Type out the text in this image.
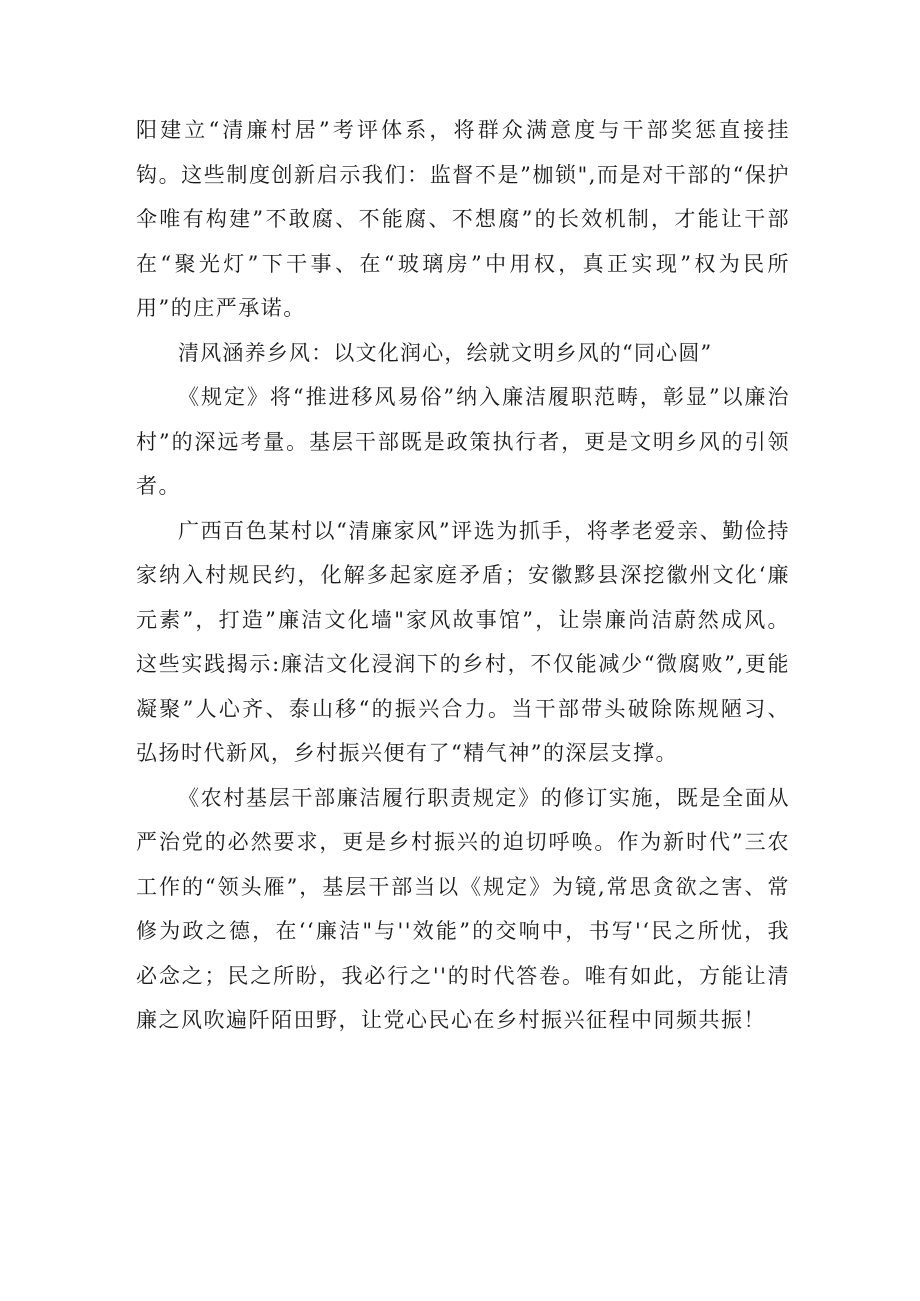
阳建立“清廉村居”考评体系，将群众满意度与干部奖惩直接挂钩。这些制度创新启示我们：监督不是”枷锁",而是对干部的“保护伞唯有构建”不敢腐、不能腐、不想腐”的长效机制，才能让干部在“聚光灯”下干事、在“玻璃房”中用权，真正实现”权为民所用”的庄严承诺。

清风涵养乡风：以文化润心，绘就文明乡风的“同心圆”

《规定》将“推进移风易俗”纳入廉洁履职范畴，彰显”以廉治村”的深远考量。基层干部既是政策执行者，更是文明乡风的引领者。

广西百色某村以“清廉家风”评选为抓手，将孝老爱亲、勤俭持家纳入村规民约，化解多起家庭矛盾；安徽黟县深挖徽州文化‘廉元素”，打造”廉洁文化墙"家风故事馆”，让崇廉尚洁蔚然成风。这些实践揭示:廉洁文化浸润下的乡村，不仅能减少“微腐败”,更能凝聚”人心齐、泰山移“的振兴合力。当干部带头破除陈规陋习、弘扬时代新风，乡村振兴便有了“精气神”的深层支撑。

《农村基层干部廉洁履行职责规定》的修订实施，既是全面从严治党的必然要求，更是乡村振兴的迫切呼唤。作为新时代”三农工作的“领头雁”，基层干部当以《规定》为镜,常思贪欲之害、常修为政之德，在‘‘廉洁"与''效能”的交响中，书写'‘民之所忧，我必念之；民之所盼，我必行之''的时代答卷。唯有如此，方能让清廉之风吹遍阡陌田野，让党心民心在乡村振兴征程中同频共振！
